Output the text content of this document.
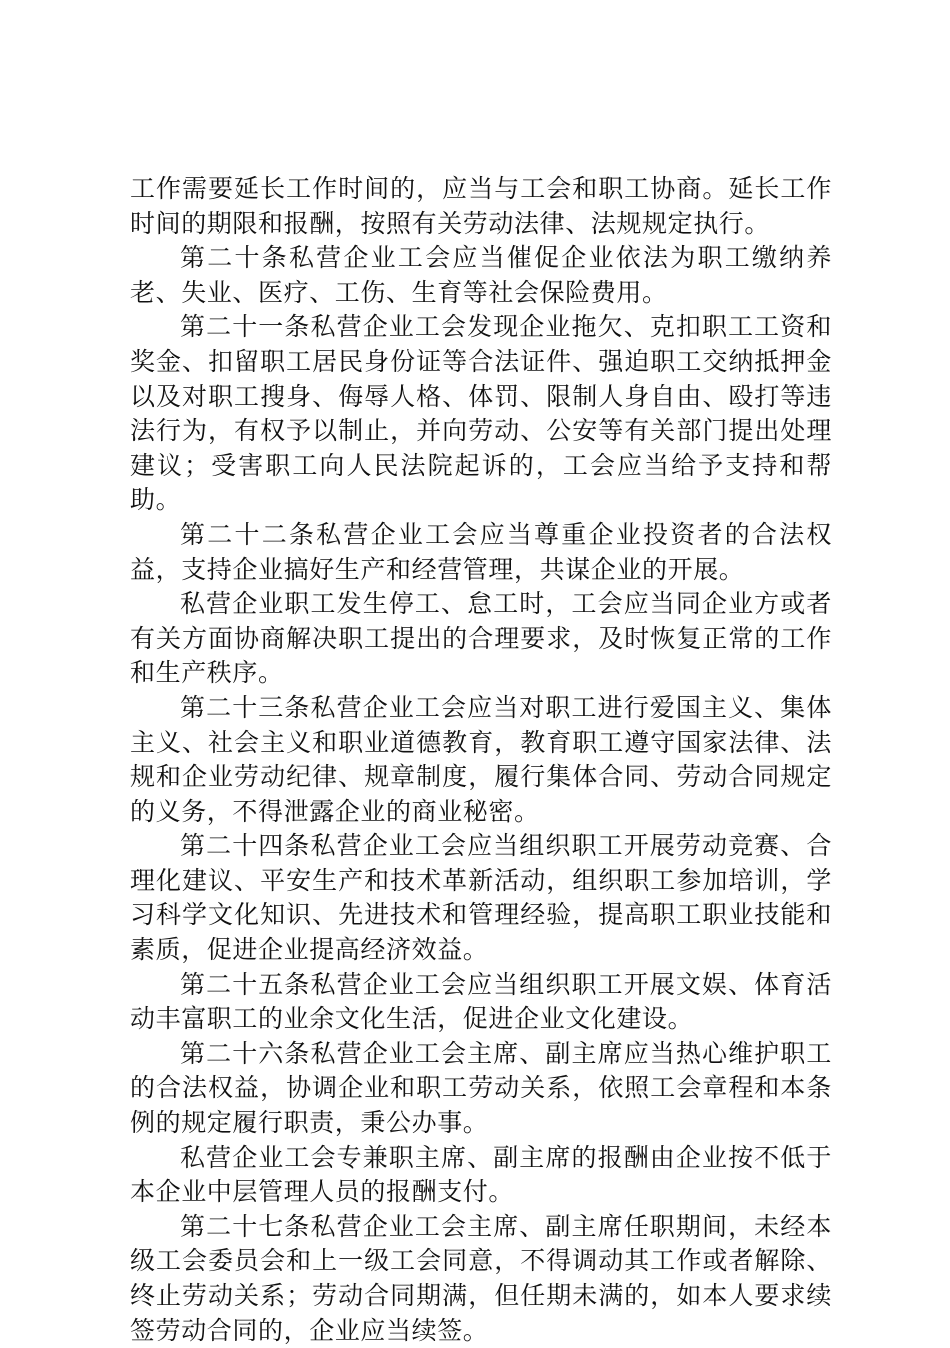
工作需要延长工作时间的，应当与工会和职工协商。延长工作时间的期限和报酬，按照有关劳动法律、法规规定执行。

第二十条私营企业工会应当催促企业依法为职工缴纳养老、失业、医疗、工伤、生育等社会保险费用。

第二十一条私营企业工会发现企业拖欠、克扣职工工资和奖金、扣留职工居民身份证等合法证件、强迫职工交纳抵押金以及对职工搜身、侮辱人格、体罚、限制人身自由、殴打等违法行为，有权予以制止，并向劳动、公安等有关部门提出处理建议；受害职工向人民法院起诉的，工会应当给予支持和帮助。

第二十二条私营企业工会应当尊重企业投资者的合法权益，支持企业搞好生产和经营管理，共谋企业的开展。

私营企业职工发生停工、怠工时，工会应当同企业方或者有关方面协商解决职工提出的合理要求，及时恢复正常的工作和生产秩序。

第二十三条私营企业工会应当对职工进行爱国主义、集体主义、社会主义和职业道德教育，教育职工遵守国家法律、法规和企业劳动纪律、规章制度，履行集体合同、劳动合同规定的义务，不得泄露企业的商业秘密。

第二十四条私营企业工会应当组织职工开展劳动竞赛、合理化建议、平安生产和技术革新活动，组织职工参加培训，学习科学文化知识、先进技术和管理经验，提高职工职业技能和素质，促进企业提高经济效益。

第二十五条私营企业工会应当组织职工开展文娱、体育活动丰富职工的业余文化生活，促进企业文化建设。

第二十六条私营企业工会主席、副主席应当热心维护职工的合法权益，协调企业和职工劳动关系，依照工会章程和本条例的规定履行职责，秉公办事。

私营企业工会专兼职主席、副主席的报酬由企业按不低于本企业中层管理人员的报酬支付。

第二十七条私营企业工会主席、副主席任职期间，未经本级工会委员会和上一级工会同意，不得调动其工作或者解除、终止劳动关系；劳动合同期满，但任期未满的，如本人要求续签劳动合同的，企业应当续签。
